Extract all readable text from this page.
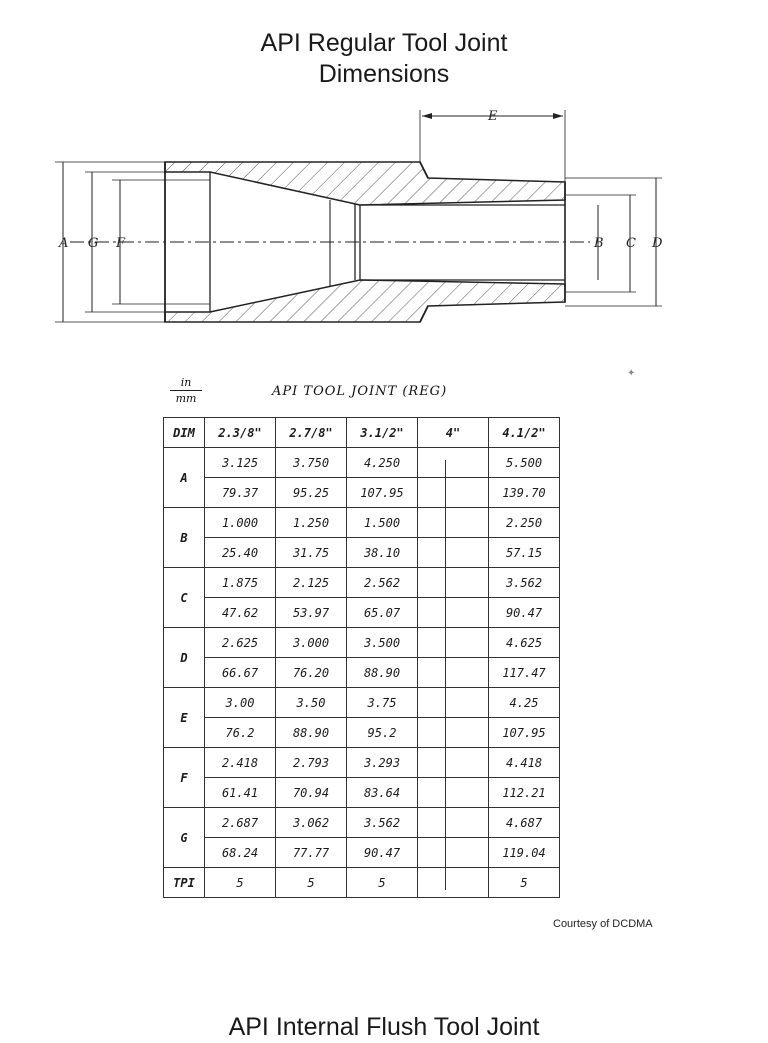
API Regular Tool Joint
Dimensions
A G F	B C D
E
in
mm	API TOOL JOINT (REG)
✦
DIM	2.3/8"	2.7/8"	3.1/2"	4"	4.1/2"
A	3.125	3.750	4.250		5.500
	79.37	95.25	107.95		139.70
B	1.000	1.250	1.500		2.250
	25.40	31.75	38.10		57.15
C	1.875	2.125	2.562		3.562
	47.62	53.97	65.07		90.47
D	2.625	3.000	3.500		4.625
	66.67	76.20	88.90		117.47
E	3.00	3.50	3.75		4.25
	76.2	88.90	95.2		107.95
F	2.418	2.793	3.293		4.418
	61.41	70.94	83.64		112.21
G	2.687	3.062	3.562		4.687
	68.24	77.77	90.47		119.04
TPI	5	5	5		5
Courtesy of DCDMA
API Internal Flush Tool Joint
